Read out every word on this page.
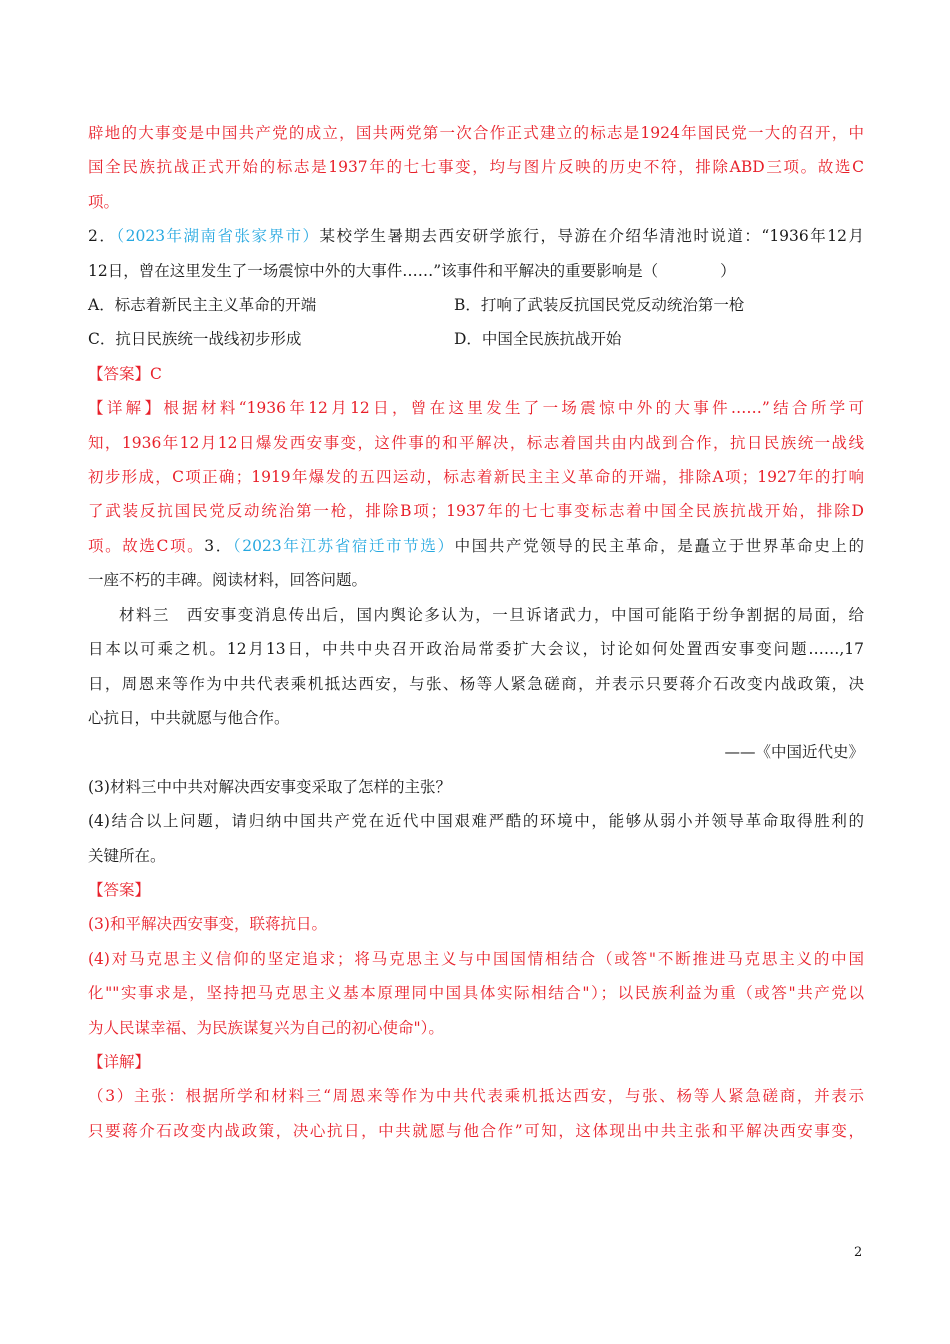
辟地的大事变是中国共产党的成立，国共两党第一次合作正式建立的标志是1924年国民党一大的召开，中
国全民族抗战正式开始的标志是1937年的七七事变，均与图片反映的历史不符，排除ABD三项。故选C
项。
2．（2023年湖南省张家界市）某校学生暑期去西安研学旅行，导游在介绍华清池时说道：“1936年12月
12日，曾在这里发生了一场震惊中外的大事件……”该事件和平解决的重要影响是（　　　　）
A．标志着新民主主义革命的开端	B．打响了武装反抗国民党反动统治第一枪
C．抗日民族统一战线初步形成	D．中国全民族抗战开始
【答案】C
【详解】根据材料“1936年12月12日，曾在这里发生了一场震惊中外的大事件……”结合所学可
知，1936年12月12日爆发西安事变，这件事的和平解决，标志着国共由内战到合作，抗日民族统一战线
初步形成，C项正确；1919年爆发的五四运动，标志着新民主主义革命的开端，排除A项；1927年的打响
了武装反抗国民党反动统治第一枪，排除B项；1937年的七七事变标志着中国全民族抗战开始，排除D
项。故选C项。3．（2023年江苏省宿迁市节选）中国共产党领导的民主革命，是矗立于世界革命史上的
一座不朽的丰碑。阅读材料，回答问题。
材料三　西安事变消息传出后，国内舆论多认为，一旦诉诸武力，中国可能陷于纷争割据的局面，给
日本以可乘之机。12月13日，中共中央召开政治局常委扩大会议，讨论如何处置西安事变问题……,17
日，周恩来等作为中共代表乘机抵达西安，与张、杨等人紧急磋商，并表示只要蒋介石改变内战政策，决
心抗日，中共就愿与他合作。
——《中国近代史》
(3)材料三中中共对解决西安事变采取了怎样的主张？
(4)结合以上问题，请归纳中国共产党在近代中国艰难严酷的环境中，能够从弱小并领导革命取得胜利的
关键所在。
【答案】
(3)和平解决西安事变，联蒋抗日。
(4)对马克思主义信仰的坚定追求；将马克思主义与中国国情相结合（或答"不断推进马克思主义的中国
化""实事求是，坚持把马克思主义基本原理同中国具体实际相结合"）；以民族利益为重（或答"共产党以
为人民谋幸福、为民族谋复兴为自己的初心使命"）。
【详解】
（3）主张：根据所学和材料三“周恩来等作为中共代表乘机抵达西安，与张、杨等人紧急磋商，并表示
只要蒋介石改变内战政策，决心抗日，中共就愿与他合作”可知，这体现出中共主张和平解决西安事变，
2
